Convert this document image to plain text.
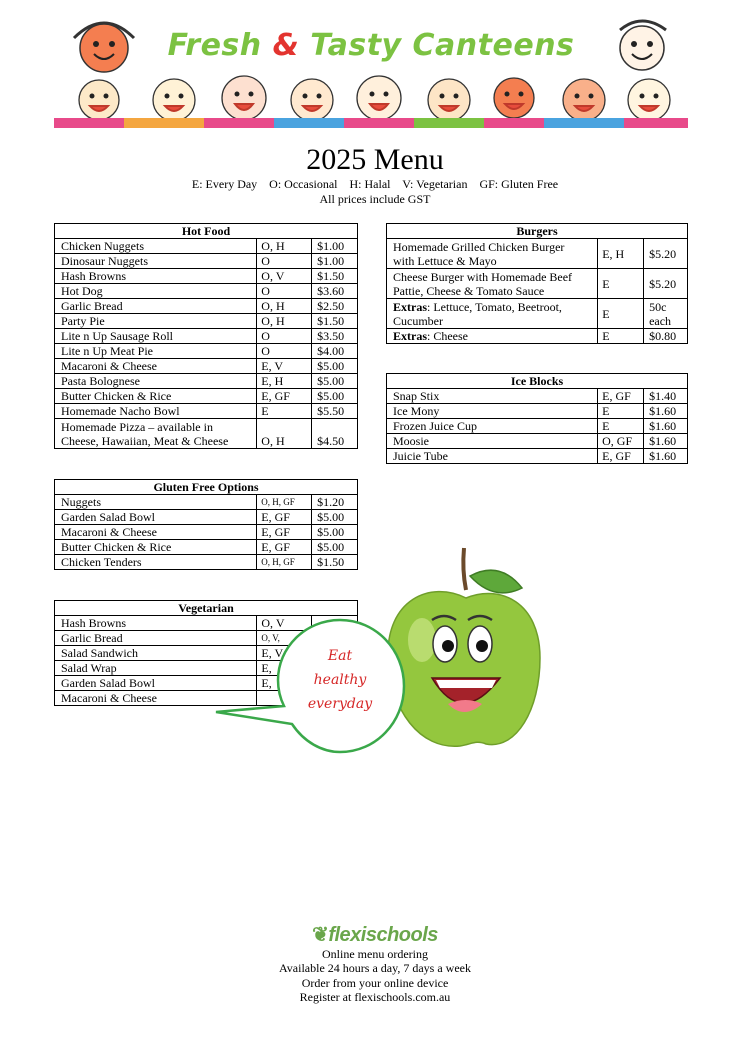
Fresh & Tasty Canteens
2025 Menu
E: Every Day    O: Occasional    H: Halal    V: Vegetarian    GF: Gluten Free
All prices include GST
Hot Food		
Chicken Nuggets	O, H	$1.00
Dinosaur Nuggets	O	$1.00
Hash Browns	O, V	$1.50
Hot Dog	O	$3.60
Garlic Bread	O, H	$2.50
Party Pie	O, H	$1.50
Lite n Up Sausage Roll	O	$3.50
Lite n Up Meat Pie	O	$4.00
Macaroni & Cheese	E, V	$5.00
Pasta Bolognese	E, H	$5.00
Butter Chicken & Rice	E, GF	$5.00
Homemade Nacho Bowl	E	$5.50
Homemade Pizza – available in
Cheese, Hawaiian, Meat & Cheese	O, H	$4.50
Gluten Free Options		
Nuggets	O, H, GF	$1.20
Garden Salad Bowl	E, GF	$5.00
Macaroni & Cheese	E, GF	$5.00
Butter Chicken & Rice	E, GF	$5.00
Chicken Tenders	O, H, GF	$1.50
Vegetarian		
Hash Browns	O, V	
Garlic Bread	O, V,	
Salad Sandwich	E, V	
Salad Wrap	E,	
Garden Salad Bowl	E,	
Macaroni & Cheese		
Burgers		
Homemade Grilled Chicken Burger
with Lettuce & Mayo	E, H	$5.20
Cheese Burger with Homemade Beef
Pattie, Cheese & Tomato Sauce	E	$5.20
Extras: Lettuce, Tomato, Beetroot,
Cucumber	E	50c
each
Extras: Cheese	E	$0.80
Ice Blocks		
Snap Stix	E, GF	$1.40
Ice Mony	E	$1.60
Frozen Juice Cup	E	$1.60
Moosie	O, GF	$1.60
Juicie Tube	E, GF	$1.60
Eat
healthy
everyday
❦flexischools
Online menu ordering
Available 24 hours a day, 7 days a week
Order from your online device
Register at flexischools.com.au
